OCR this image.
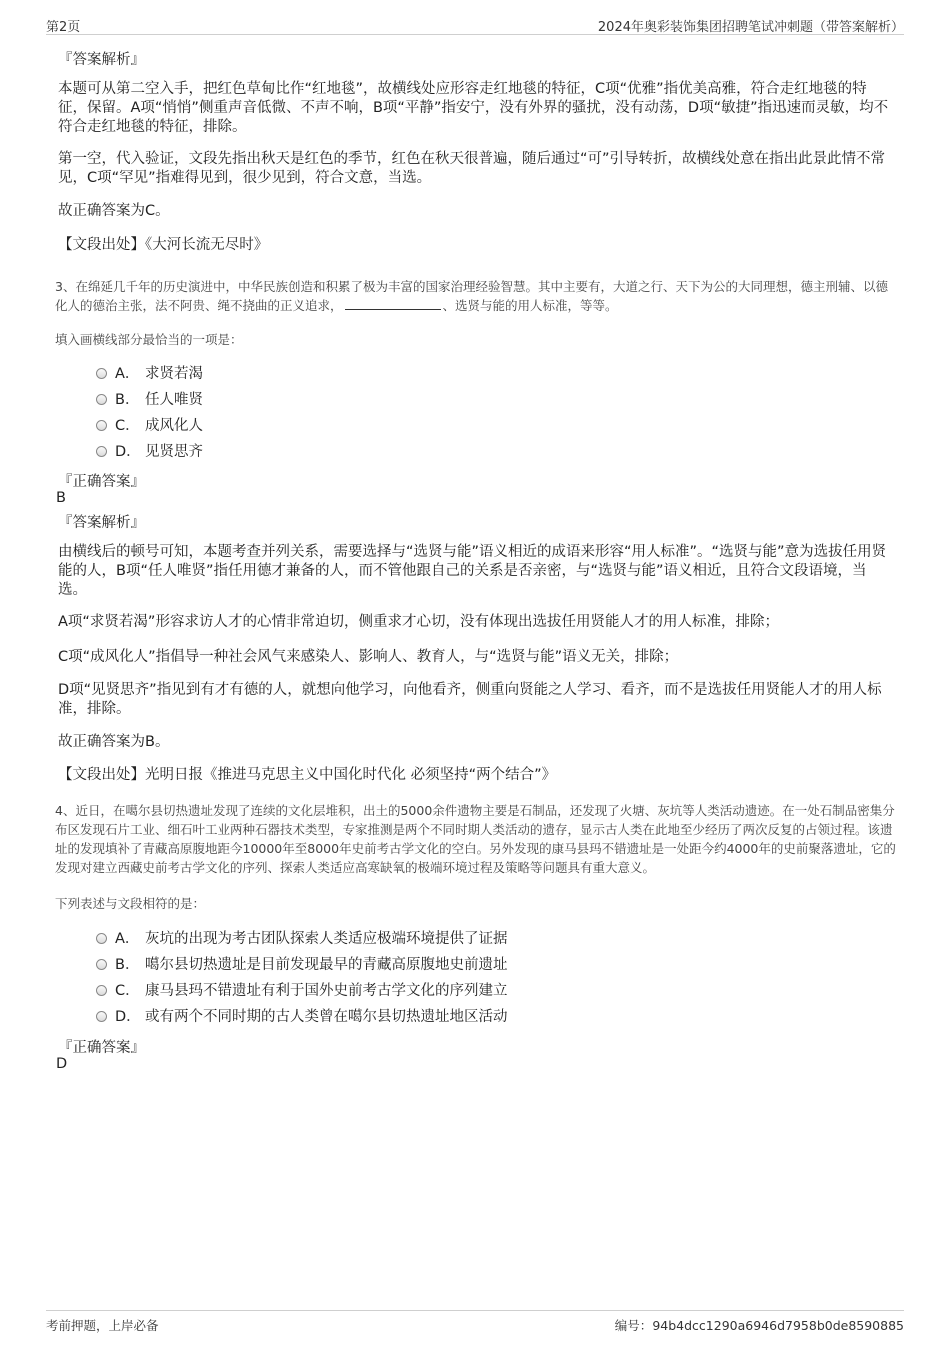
第2页	2024年奥彩装饰集团招聘笔试冲刺题（带答案解析）
『答案解析』

本题可从第二空入手，把红色草甸比作“红地毯”，故横线处应形容走红地毯的特征，C项“优雅”指优美高雅，符合走红地毯的特征，保留。A项“悄悄”侧重声音低微、不声不响，B项“平静”指安宁，没有外界的骚扰，没有动荡，D项“敏捷”指迅速而灵敏，均不符合走红地毯的特征，排除。

第一空，代入验证，文段先指出秋天是红色的季节，红色在秋天很普遍，随后通过“可”引导转折，故横线处意在指出此景此情不常见，C项“罕见”指难得见到，很少见到，符合文意，当选。

故正确答案为C。

【文段出处】《大河长流无尽时》

3、在绵延几千年的历史演进中，中华民族创造和积累了极为丰富的国家治理经验智慧。其中主要有，大道之行、天下为公的大同理想，德主刑辅、以德化人的德治主张，法不阿贵、绳不挠曲的正义追求，	、选贤与能的用人标准，等等。

填入画横线部分最恰当的一项是：

A． 求贤若渴
B． 任人唯贤
C． 成风化人
D． 见贤思齐
『正确答案』
B
『答案解析』

由横线后的顿号可知，本题考查并列关系，需要选择与“选贤与能”语义相近的成语来形容“用人标准”。“选贤与能”意为选拔任用贤能的人，B项“任人唯贤”指任用德才兼备的人，而不管他跟自己的关系是否亲密，与“选贤与能”语义相近，且符合文段语境，当选。

A项“求贤若渴”形容求访人才的心情非常迫切，侧重求才心切，没有体现出选拔任用贤能人才的用人标准，排除；

C项“成风化人”指倡导一种社会风气来感染人、影响人、教育人，与“选贤与能”语义无关，排除；

D项“见贤思齐”指见到有才有德的人，就想向他学习，向他看齐，侧重向贤能之人学习、看齐，而不是选拔任用贤能人才的用人标准，排除。

故正确答案为B。

【文段出处】光明日报《推进马克思主义中国化时代化 必须坚持“两个结合”》

4、近日，在噶尔县切热遗址发现了连续的文化层堆积，出土的5000余件遗物主要是石制品，还发现了火塘、灰坑等人类活动遗迹。在一处石制品密集分布区发现石片工业、细石叶工业两种石器技术类型，专家推测是两个不同时期人类活动的遗存，显示古人类在此地至少经历了两次反复的占领过程。该遗址的发现填补了青藏高原腹地距今10000年至8000年史前考古学文化的空白。另外发现的康马县玛不错遗址是一处距今约4000年的史前聚落遗址，它的发现对建立西藏史前考古学文化的序列、探索人类适应高寒缺氧的极端环境过程及策略等问题具有重大意义。

下列表述与文段相符的是：

A． 灰坑的出现为考古团队探索人类适应极端环境提供了证据
B． 噶尔县切热遗址是目前发现最早的青藏高原腹地史前遗址
C． 康马县玛不错遗址有利于国外史前考古学文化的序列建立
D． 或有两个不同时期的古人类曾在噶尔县切热遗址地区活动
『正确答案』
D
考前押题，上岸必备	编号：94b4dcc1290a6946d7958b0de8590885
